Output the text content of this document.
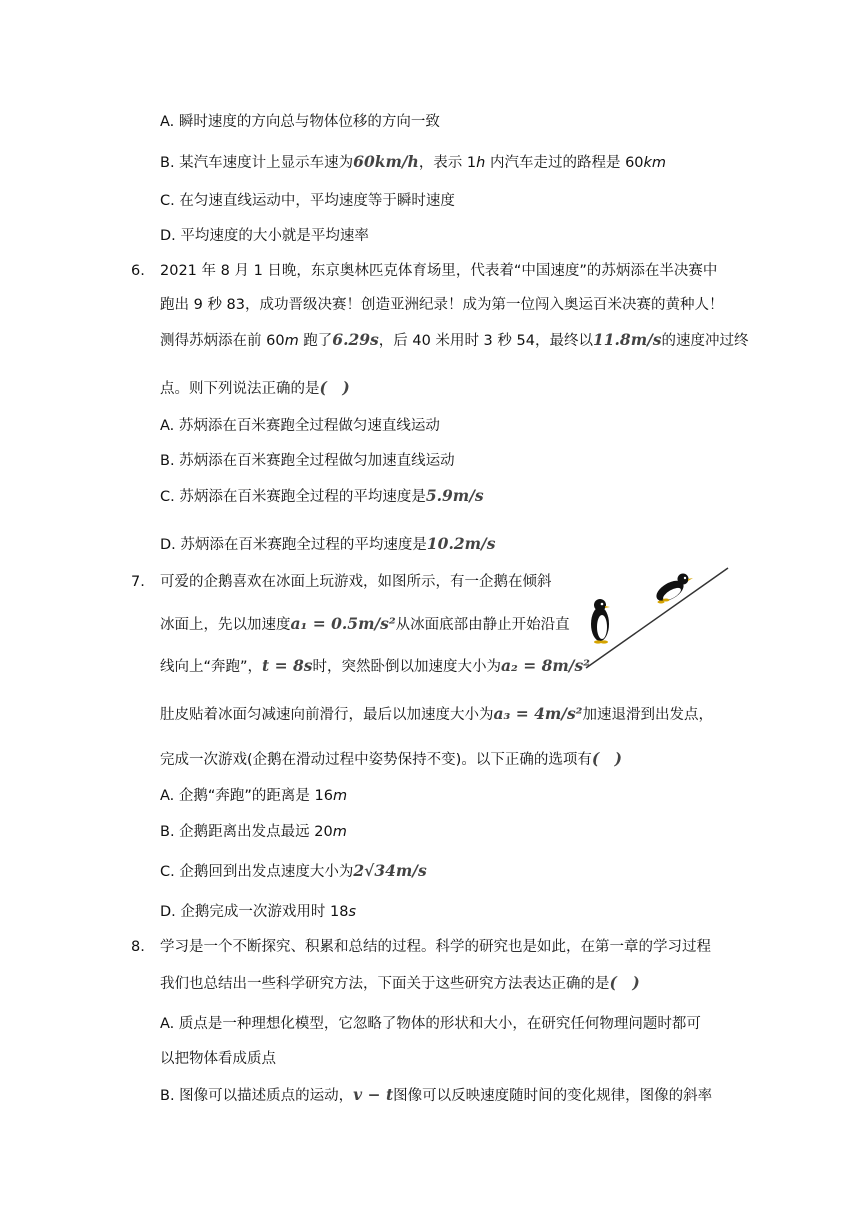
A. 瞬时速度的方向总与物体位移的方向一致
B. 某汽车速度计上显示车速为60km/h，表示 1h 内汽车走过的路程是 60km
C. 在匀速直线运动中，平均速度等于瞬时速度
D. 平均速度的大小就是平均速率
6. 2021 年 8 月 1 日晚，东京奥林匹克体育场里，代表着“中国速度”的苏炳添在半决赛中
跑出 9 秒 83，成功晋级决赛！创造亚洲纪录！成为第一位闯入奥运百米决赛的黄种人！
测得苏炳添在前 60m 跑了6.29s，后 40 米用时 3 秒 54，最终以11.8m/s的速度冲过终
点。则下列说法正确的是(　)
A. 苏炳添在百米赛跑全过程做匀速直线运动
B. 苏炳添在百米赛跑全过程做匀加速直线运动
C. 苏炳添在百米赛跑全过程的平均速度是5.9m/s
D. 苏炳添在百米赛跑全过程的平均速度是10.2m/s
7. 可爱的企鹅喜欢在冰面上玩游戏，如图所示，有一企鹅在倾斜
冰面上，先以加速度a₁ = 0.5m/s²从冰面底部由静止开始沿直
线向上“奔跑”，t = 8s时，突然卧倒以加速度大小为a₂ = 8m/s²
肚皮贴着冰面匀减速向前滑行，最后以加速度大小为a₃ = 4m/s²加速退滑到出发点，
完成一次游戏(企鹅在滑动过程中姿势保持不变)。以下正确的选项有(　)
A. 企鹅“奔跑”的距离是 16m
B. 企鹅距离出发点最远 20m
C. 企鹅回到出发点速度大小为2√34m/s
D. 企鹅完成一次游戏用时 18s
8. 学习是一个不断探究、积累和总结的过程。科学的研究也是如此，在第一章的学习过程
我们也总结出一些科学研究方法，下面关于这些研究方法表达正确的是(　)
A. 质点是一种理想化模型，它忽略了物体的形状和大小，在研究任何物理问题时都可
以把物体看成质点
B. 图像可以描述质点的运动，v − t图像可以反映速度随时间的变化规律，图像的斜率
